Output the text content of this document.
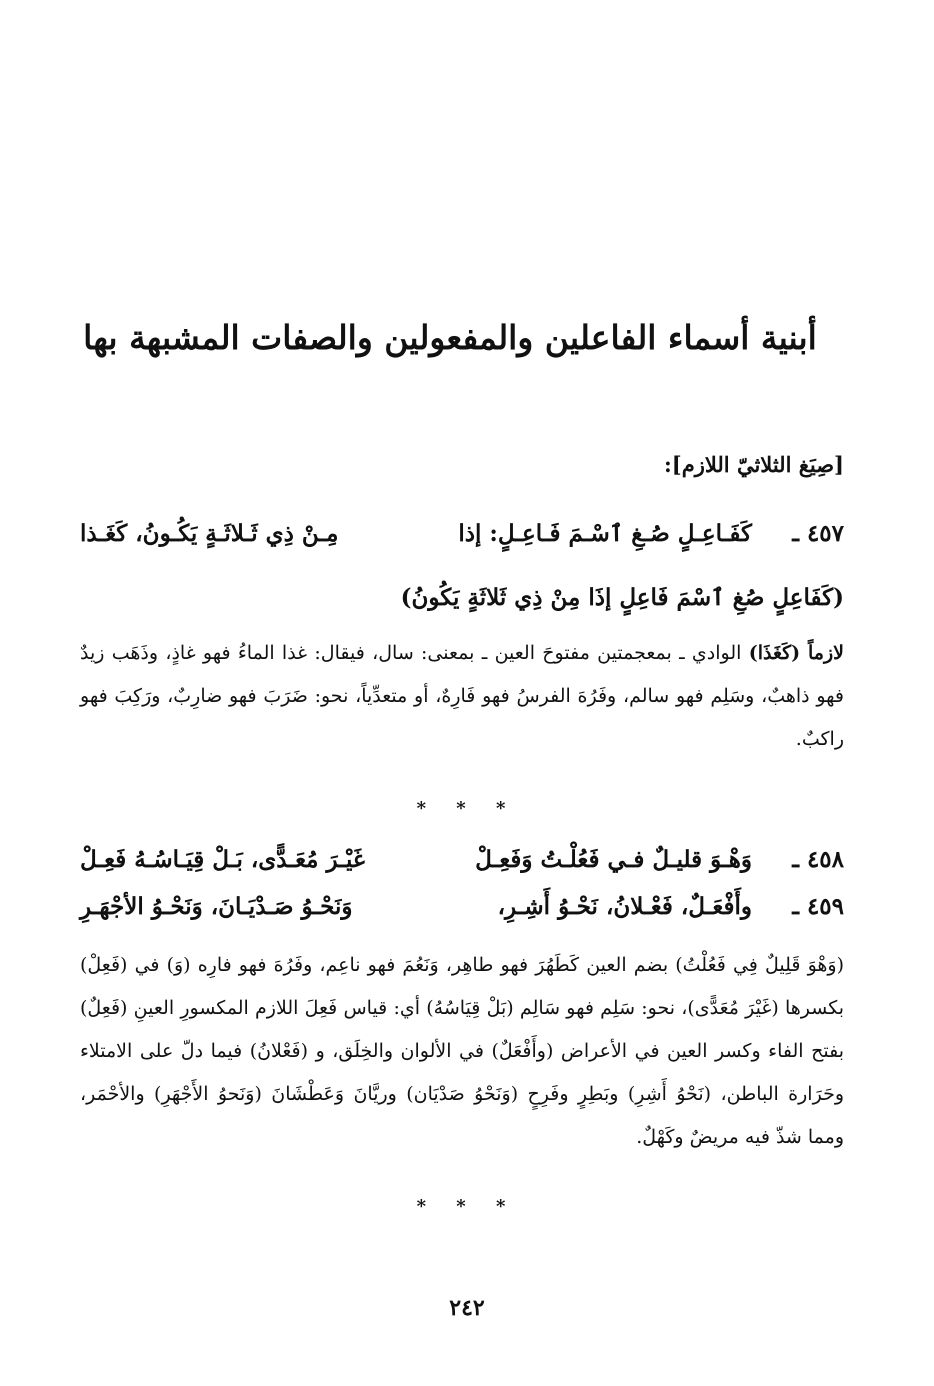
أبنية أسماء الفاعلين والمفعولين والصفات المشبهة بها
[صِيَغ الثلاثيّ اللازم]:
٤٥٧ ـ
كَفَـاعِـلٍ صُـغِ ٱسْـمَ فَـاعِـلٍ: إذا
مِـنْ ذِي ثَـلاثَـةٍ يَكُـونُ، كَغَـذا
(كَفَاعِلٍ صُغِ ٱسْمَ فَاعِلٍ إذَا مِنْ ذِي ثَلاثَةٍ يَكُونُ)
لازماً (كَغَذَا) الوادي ـ بمعجمتين مفتوحَ العين ـ بمعنى: سال، فيقال: غذا الماءُ فهو غاذٍ، وذَهَب زيدٌ فهو ذاهبٌ، وسَلِم فهو سالم، وفَرُهَ الفرسُ فهو فَارِهٌ، أو متعدِّياً، نحو: ضَرَبَ فهو ضارِبٌ، ورَكِبَ فهو راكبٌ.
* * *
٤٥٨ ـ
وَهْـوَ قليـلٌ فـي فَعُلْـتُ وَفَعِـلْ
غَيْـرَ مُعَـدًّى، بَـلْ قِيَـاسُـهُ فَعِـلْ
٤٥٩ ـ
وأَفْعَـلٌ، فَعْـلانُ، نَحْـوُ أَشِـرِ،
وَنَحْـوُ صَـدْيَـانَ، وَنَحْـوُ الأجْهَـرِ
(وَهْوَ قَلِيلٌ فِي فَعُلْتُ) بضم العين كَطَهُرَ فهو طاهِر، وَنَعُمَ فهو ناعِم، وفَرُهَ فهو فارِه (وَ) في (فَعِلْ) بكسرها (غَيْرَ مُعَدًّى)، نحو: سَلِم فهو سَالِم (بَلْ قِيَاسُهُ) أي: قياس فَعِلَ اللازم المكسورِ العينِ (فَعِلٌ) بفتح الفاء وكسر العين في الأعراض (وأَفْعَلٌ) في الألوان والخِلَق، و (فَعْلانُ) فيما دلّ على الامتلاء وحَرَارة الباطن، (نَحْوُ أَشِرِ) وبَطِرٍ وفَرِحٍ (وَنَحْوُ صَدْيَان) وريَّانَ وَعَطْشَانَ (وَنَحوُ الأَجْهَرِ) والأحْمَر، ومما شذّ فيه مريضٌ وكَهْلٌ.
* * *
٢٤٢
